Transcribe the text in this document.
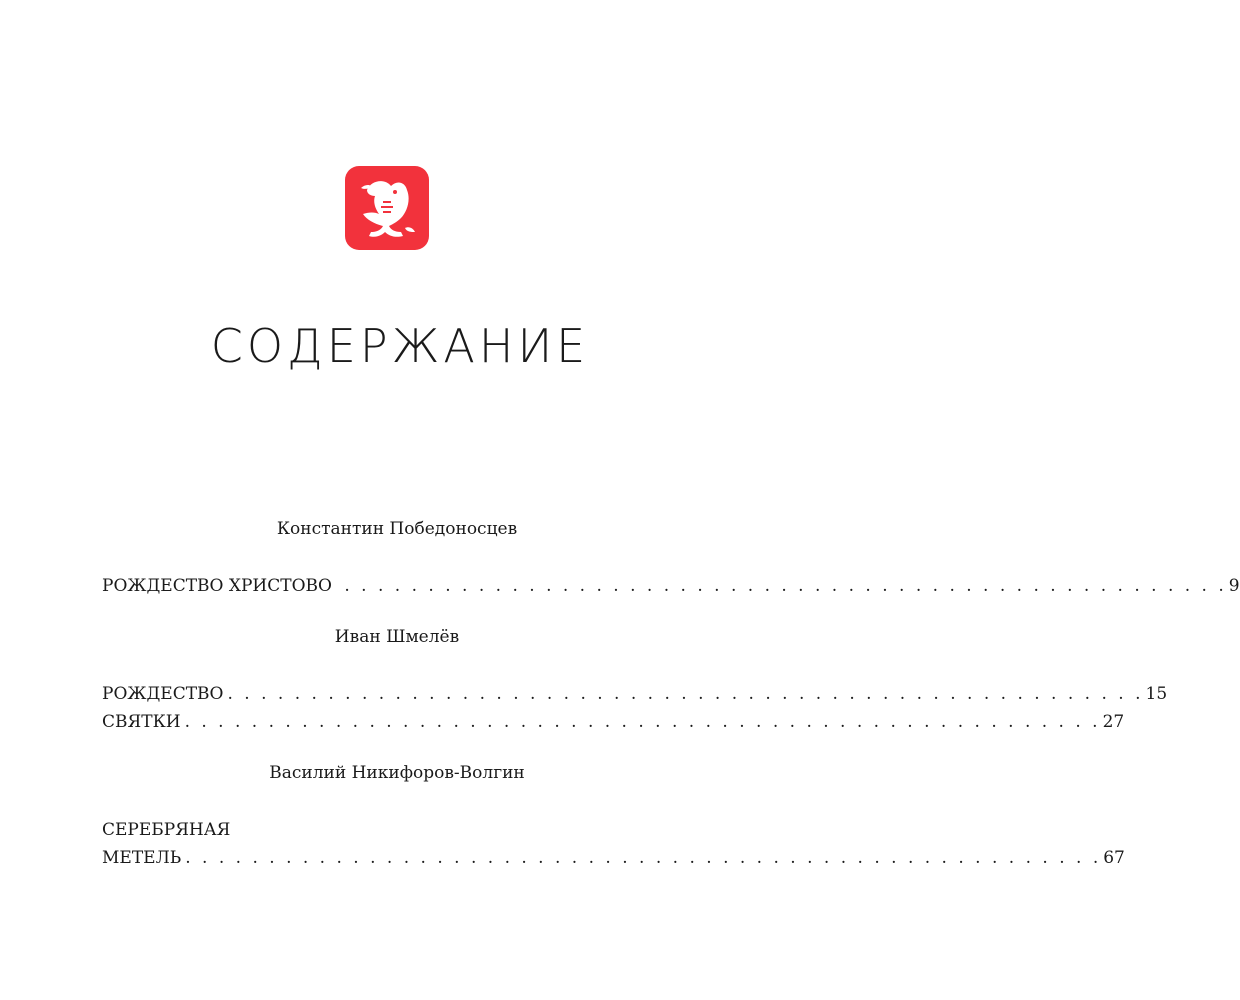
СОДЕРЖАНИЕ
Константин Победоносцев
РОЖДЕСТВО ХРИСТОВО . . . . . . . . . . . . . . . . . . . . . . . . . . . . . . . . . . . . . . . . . . . . . . . . . . . . . 9
Иван Шмелёв
РОЖДЕСТВО . . . . . . . . . . . . . . . . . . . . . . . . . . . . . . . . . . . . . . . . . . . . . . . . . . . . . . . 15
СВЯТКИ . . . . . . . . . . . . . . . . . . . . . . . . . . . . . . . . . . . . . . . . . . . . . . . . . . . . . . . 27
Василий Никифоров-Волгин
СЕРЕБРЯНАЯ
МЕТЕЛЬ . . . . . . . . . . . . . . . . . . . . . . . . . . . . . . . . . . . . . . . . . . . . . . . . . . . . . . . 67
